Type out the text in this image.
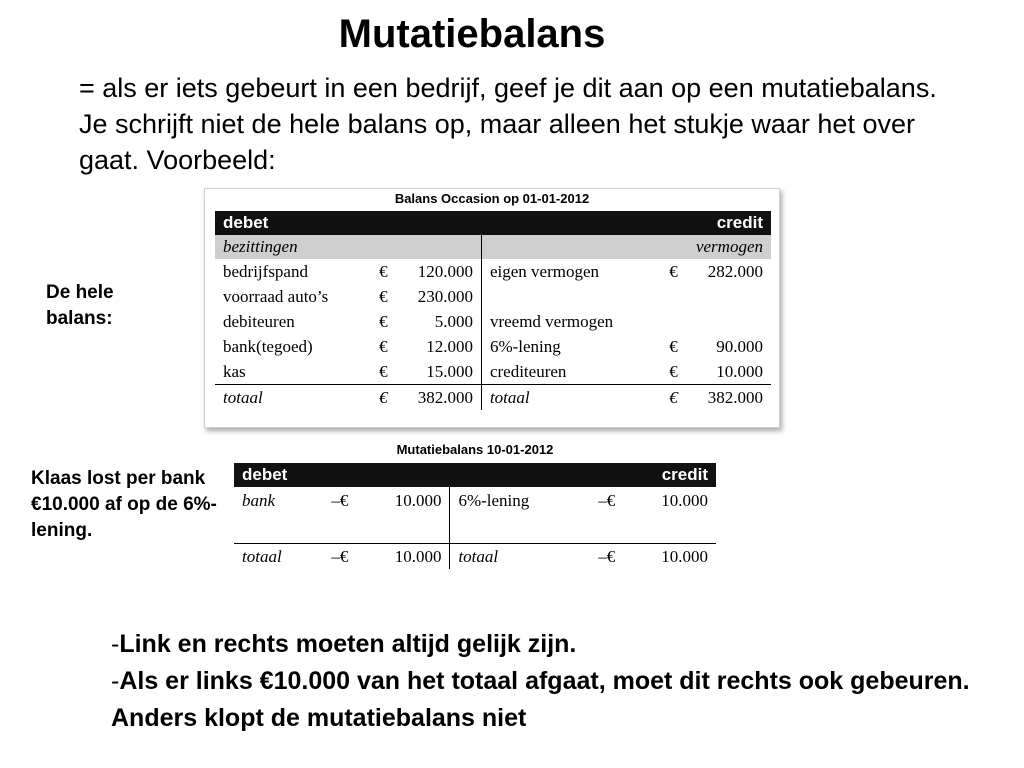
Mutatiebalans
= als er iets gebeurt in een bedrijf, geef je dit aan op een mutatiebalans. Je schrijft niet de hele balans op, maar alleen het stukje waar het over gaat. Voorbeeld:
De hele balans:
Klaas lost per bank €10.000 af op de 6%-lening.
Balans Occasion op 01-01-2012
debet			credit		
bezittingen			vermogen		
bedrijfspand	€	120.000	eigen vermogen	€	282.000
voorraad auto’s	€	230.000			
debiteuren	€	5.000	vreemd vermogen		
bank(tegoed)	€	12.000	6%-lening	€	90.000
kas	€	15.000	crediteuren	€	10.000
totaal	€	382.000	totaal	€	382.000
Mutatiebalans 10-01-2012
debet			credit		
bank	–€	10.000	6%-lening	–€	10.000
totaal	–€	10.000	totaal	–€	10.000
-Link en rechts moeten altijd gelijk zijn.
-Als er links €10.000 van het totaal afgaat, moet dit rechts ook gebeuren. Anders klopt de mutatiebalans niet
